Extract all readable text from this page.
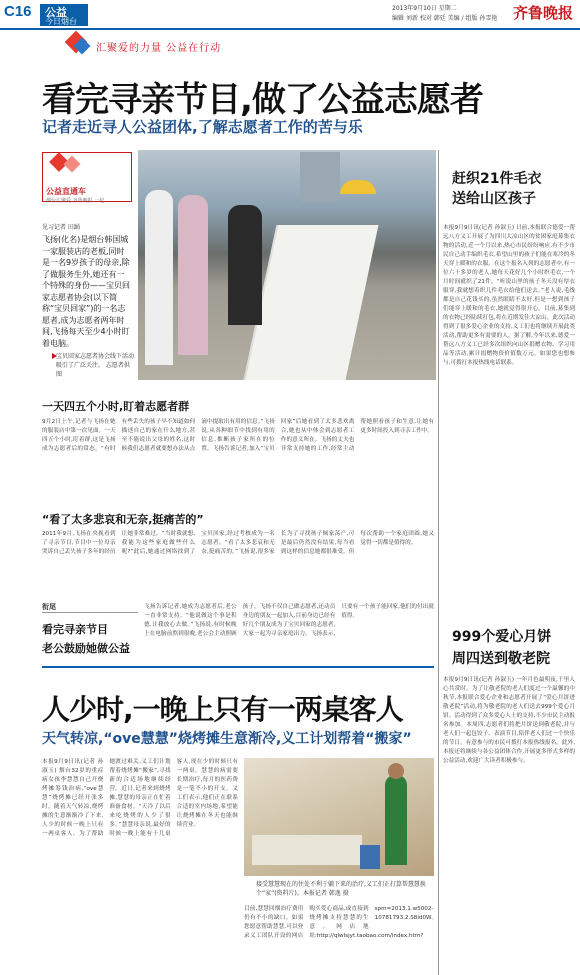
C16 公益
今日烟台
2013年9月10日 星期二
编辑 刘新 校对 韩廷 美编 / 组版 孙雪艳 齐鲁晚报
汇聚爱的力量 公益在行动
看完寻亲节目,做了公益志愿者
记者走近寻人公益团体,了解志愿者工作的苦与乐
公益直通车
烟台汇聚爱 齐鲁晚报 一起
见习记者 田踊
飞扬(化名)是烟台韩国城一家服装店的老板,同时是一名9岁孩子的母亲,除了做服务生外,她还有一个特殊的身份——宝贝回家志愿者协会(以下简称“宝贝回家”)的一名志愿者,成为志愿者两年时间,飞扬每天至少4小时盯着电脑。
宝贝回家志愿者协会线下活动吸引了广泛关注。 志愿者供图
一天四五个小时,盯着志愿者群
9月2日上午,记者与飞扬在她的服装店中第一次见面。一天四五个小时,盯着群,这是飞扬成为志愿者后的常态。“有时有些丢失的孩子早不知道如何描述自己的家在什么地方,甚至不能说出父母的姓名,这时候我们志愿者就要想办法从点滴中提取出有用的信息。”飞扬说,从各种细节中找到有用的信息,推断孩子家所在的位置。飞扬告诉记者,加入“宝贝回家”后她看到了太多悲欢离合,她也从中体会到志愿者工作的意义所在。飞扬的丈夫也非常支持她的工作,经常主动帮她照看孩子和生意,让她有更多时间投入到寻亲工作中。
“看了太多悲哀和无奈,挺痛苦的”
2011年9月,飞扬在央视看到了寻亲节目,节目中一位母亲哭诉自己丢失孩子多年的经历让她非常难过。“当时我就想,我能为这些家庭做些什么呢?”此后,她通过网络找到了宝贝回家,经过考核成为一名志愿者。“看了太多悲哀和无奈,挺痛苦的。”飞扬说,很多家长为了寻找孩子倾家荡产,可是最后仍然没有结果,每当看到这样的信息她都很难受。但每次帮助一个家庭团圆,她又觉得一切都是值得的。
衔尾
看完寻亲节目
老公鼓励她做公益
飞扬告诉记者,她成为志愿者后,老公一直非常支持。“他说做这个事是积德,让我放心去做。”飞扬说,有时候晚上在电脑前熬到很晚,老公会主动照顾孩子。飞扬不仅自己做志愿者,还动员身边的朋友一起加入,目前身边已经有好几个朋友成为了宝贝回家的志愿者,大家一起为寻亲家庭出力。飞扬表示,只要有一个孩子能回家,他们的付出就值得。
人少时,一晚上只有一两桌客人
天气转凉,“ove慧慧”烧烤摊生意渐冷,义工计划帮着“搬家”
本报9月9日讯(记者 孙淑玉) 烟台32岁的重症病女孩李慧慧自己开烧烤摊筹钱治病,“ove慧慧”烧烤摊已经开张多时。随着天气转凉,烧烤摊的生意渐渐冷了下来,人少的时候一晚上只有一两桌客人。为了帮助她渡过难关,义工们计划帮着烧烤摊“搬家”,寻找新的合适场地继续经营。近日,记者来到烧烤摊,慧慧的母亲正在忙着准备食材。“天冷了以后来吃烧烤的人少了很多。”慧慧母亲说,最好的时候一晚上能有十几桌客人,现在少的时候只有一两桌。慧慧的病需要长期治疗,每月的医药费是一笔不小的开支。义工们表示,他们正在联系合适的室内场地,希望能让烧烤摊在冬天也能继续营业。
接受慧慧现在的住处不利于躺下来的治疗,义工们正打算帮慧慧换个“家”(资料片)。本报记者 韩逸 摄
目前,慧慧回烟治疗费用仍有不小的缺口。如果您愿意帮助慧慧,可以登录义工团队开设的网店购买爱心商品,或直接到烧烤摊支持慧慧的生意。网店地址:http://qlwlsjyt.taobao.com/index.htm?spm=2013.1.w5002-10781793.2.S8id0W。
赶织21件毛衣
送给山区孩子
本报9月9日讯(记者 孙淑玉) 日前,本报联合德爱一帮远八方义工开展了为四川大凉山区的贫困家庭募集衣物的活动,近一个月以来,热心市民纷纷响应,有不少市民自己动手编织毛衣,希望山里的孩子们能在寒冷的冬天穿上暖和的衣服。在这个报名入列的志愿者中,有一位六十多岁的老人,她每天花好几个小时织毛衣,一个月时间就织了21件。“听说山里的孩子冬天没有厚衣服穿,我就想着织几件毛衣给他们送去。”老人说,毛线都是自己花钱买的,虽然眼睛不太好,但是一想到孩子们能穿上暖和的毛衣,她就觉得很开心。目前,募集到的衣物已经陆续打包,将在近期发往大凉山。此次活动得到了很多爱心企业的支持,义工们也将继续开展此类活动,帮助更多有需要的人。据了解,今年以来,德爱一帮远八方义工已经多次组织向山区捐赠衣物、学习用品等活动,累计捐赠物资价值数万元。如果您也想参与,可拨打本报热线电话联系。
999个爱心月饼
周四送到敬老院
本报9月9日讯(记者 孙淑玉) 一年月色最明夜,千里人心共赏时。为了让敬老院的老人们度过一个温馨的中秋节,本报联合爱心企业和志愿者开展了“爱心月饼进敬老院”活动,将为敬老院的老人们送去999个爱心月饼。活动得到了众多爱心人士的支持,不少市民主动报名参加。本周四,志愿者们将把月饼送到敬老院,并与老人们一起包饺子、表演节目,陪伴老人们过一个快乐的节日。有意参与的市民可拨打本报热线报名。此外,本报还将继续与各公益团体合作,开展更多形式多样的公益活动,欢迎广大读者积极参与。
